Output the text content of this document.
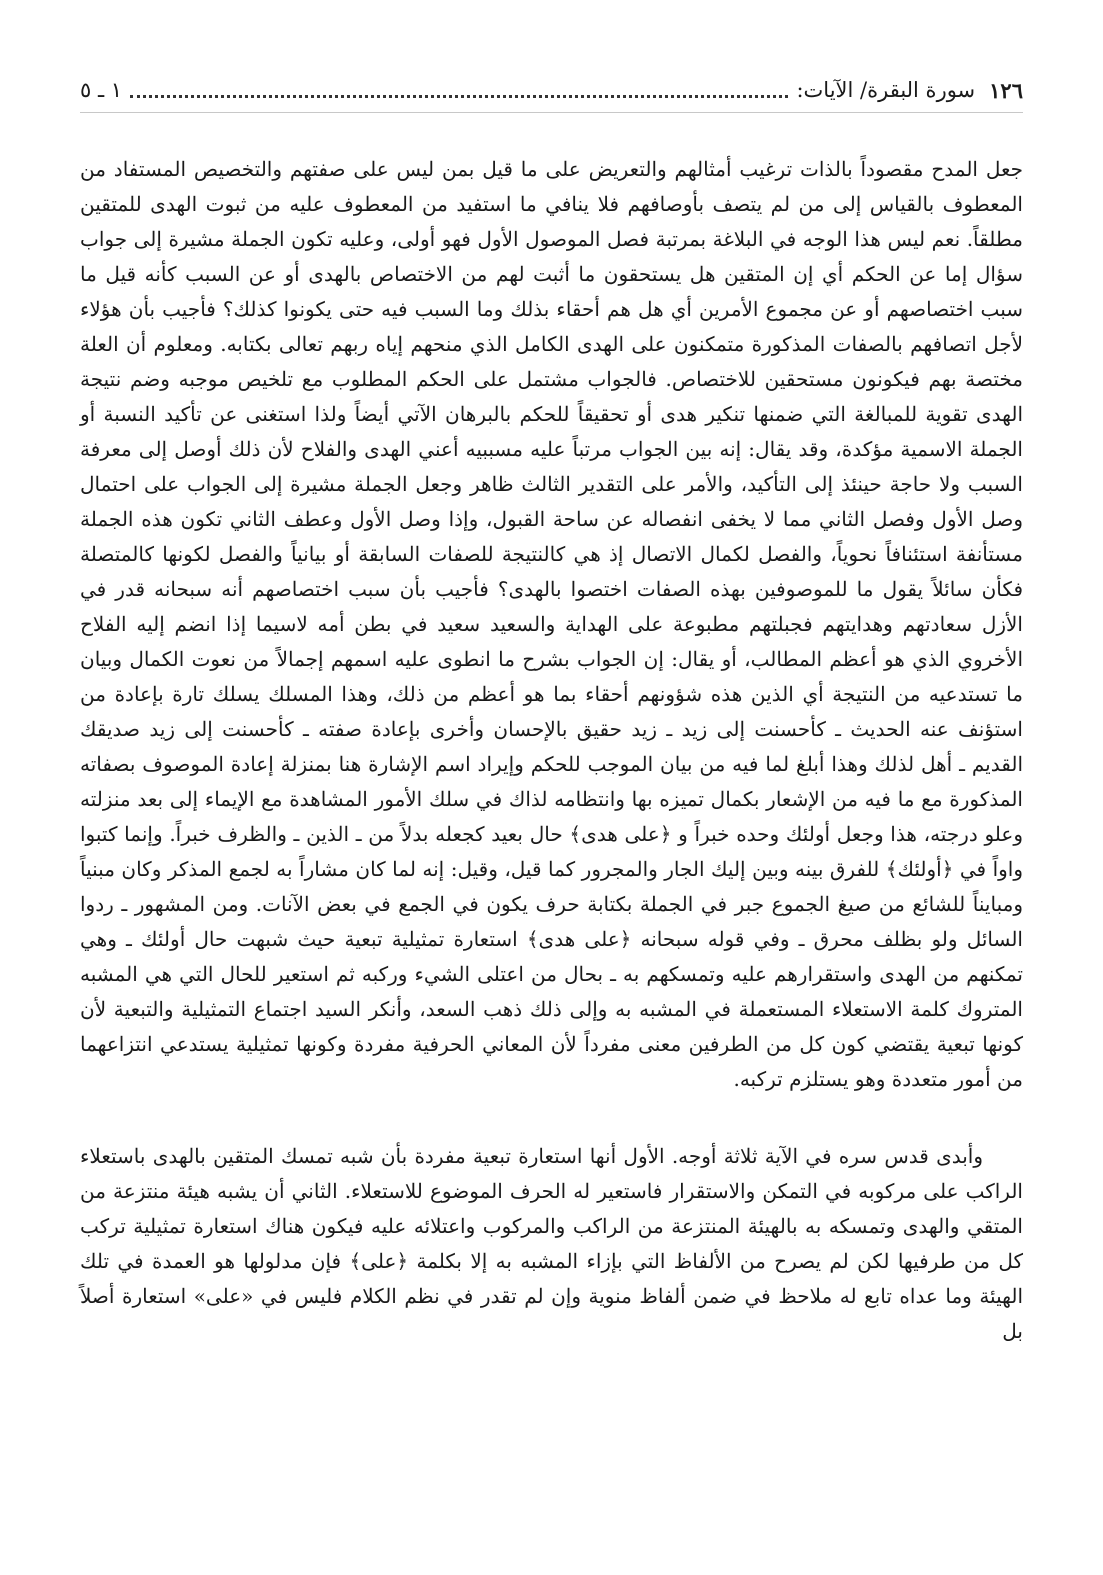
١٢٦
سورة البقرة/ الآيات:
١ ـ ٥

جعل المدح مقصوداً بالذات ترغيب أمثالهم والتعريض على ما قيل بمن ليس على صفتهم والتخصيص المستفاد من المعطوف بالقياس إلى من لم يتصف بأوصافهم فلا ينافي ما استفيد من المعطوف عليه من ثبوت الهدى للمتقين مطلقاً. نعم ليس هذا الوجه في البلاغة بمرتبة فصل الموصول الأول فهو أولى، وعليه تكون الجملة مشيرة إلى جواب سؤال إما عن الحكم أي إن المتقين هل يستحقون ما أثبت لهم من الاختصاص بالهدى أو عن السبب كأنه قيل ما سبب اختصاصهم أو عن مجموع الأمرين أي هل هم أحقاء بذلك وما السبب فيه حتى يكونوا كذلك؟ فأجيب بأن هؤلاء لأجل اتصافهم بالصفات المذكورة متمكنون على الهدى الكامل الذي منحهم إياه ربهم تعالى بكتابه. ومعلوم أن العلة مختصة بهم فيكونون مستحقين للاختصاص. فالجواب مشتمل على الحكم المطلوب مع تلخيص موجبه وضم نتيجة الهدى تقوية للمبالغة التي ضمنها تنكير هدى أو تحقيقاً للحكم بالبرهان الآتي أيضاً ولذا استغنى عن تأكيد النسبة أو الجملة الاسمية مؤكدة، وقد يقال: إنه بين الجواب مرتباً عليه مسببيه أعني الهدى والفلاح لأن ذلك أوصل إلى معرفة السبب ولا حاجة حينئذ إلى التأكيد، والأمر على التقدير الثالث ظاهر وجعل الجملة مشيرة إلى الجواب على احتمال وصل الأول وفصل الثاني مما لا يخفى انفصاله عن ساحة القبول، وإذا وصل الأول وعطف الثاني تكون هذه الجملة مستأنفة استئنافاً نحوياً، والفصل لكمال الاتصال إذ هي كالنتيجة للصفات السابقة أو بيانياً والفصل لكونها كالمتصلة فكأن سائلاً يقول ما للموصوفين بهذه الصفات اختصوا بالهدى؟ فأجيب بأن سبب اختصاصهم أنه سبحانه قدر في الأزل سعادتهم وهدايتهم فجبلتهم مطبوعة على الهداية والسعيد سعيد في بطن أمه لاسيما إذا انضم إليه الفلاح الأخروي الذي هو أعظم المطالب، أو يقال: إن الجواب بشرح ما انطوى عليه اسمهم إجمالاً من نعوت الكمال وبيان ما تستدعيه من النتيجة أي الذين هذه شؤونهم أحقاء بما هو أعظم من ذلك، وهذا المسلك يسلك تارة بإعادة من استؤنف عنه الحديث ـ كأحسنت إلى زيد ـ زيد حقيق بالإحسان وأخرى بإعادة صفته ـ كأحسنت إلى زيد صديقك القديم ـ أهل لذلك وهذا أبلغ لما فيه من بيان الموجب للحكم وإيراد اسم الإشارة هنا بمنزلة إعادة الموصوف بصفاته المذكورة مع ما فيه من الإشعار بكمال تميزه بها وانتظامه لذاك في سلك الأمور المشاهدة مع الإيماء إلى بعد منزلته وعلو درجته، هذا وجعل أولئك وحده خبراً و ﴿على هدى﴾ حال بعيد كجعله بدلاً من ـ الذين ـ والظرف خبراً. وإنما كتبوا واواً في ﴿أولئك﴾ للفرق بينه وبين إليك الجار والمجرور كما قيل، وقيل: إنه لما كان مشاراً به لجمع المذكر وكان مبنياً ومبايناً للشائع من صيغ الجموع جبر في الجملة بكتابة حرف يكون في الجمع في بعض الآنات. ومن المشهور ـ ردوا السائل ولو بظلف محرق ـ وفي قوله سبحانه ﴿على هدى﴾ استعارة تمثيلية تبعية حيث شبهت حال أولئك ـ وهي تمكنهم من الهدى واستقرارهم عليه وتمسكهم به ـ بحال من اعتلى الشيء وركبه ثم استعير للحال التي هي المشبه المتروك كلمة الاستعلاء المستعملة في المشبه به وإلى ذلك ذهب السعد، وأنكر السيد اجتماع التمثيلية والتبعية لأن كونها تبعية يقتضي كون كل من الطرفين معنى مفرداً لأن المعاني الحرفية مفردة وكونها تمثيلية يستدعي انتزاعهما من أمور متعددة وهو يستلزم تركبه.

وأبدى قدس سره في الآية ثلاثة أوجه. الأول أنها استعارة تبعية مفردة بأن شبه تمسك المتقين بالهدى باستعلاء الراكب على مركوبه في التمكن والاستقرار فاستعير له الحرف الموضوع للاستعلاء. الثاني أن يشبه هيئة منتزعة من المتقي والهدى وتمسكه به بالهيئة المنتزعة من الراكب والمركوب واعتلائه عليه فيكون هناك استعارة تمثيلية تركب كل من طرفيها لكن لم يصرح من الألفاظ التي بإزاء المشبه به إلا بكلمة ﴿على﴾ فإن مدلولها هو العمدة في تلك الهيئة وما عداه تابع له ملاحظ في ضمن ألفاظ منوية وإن لم تقدر في نظم الكلام فليس في «على» استعارة أصلاً بل
